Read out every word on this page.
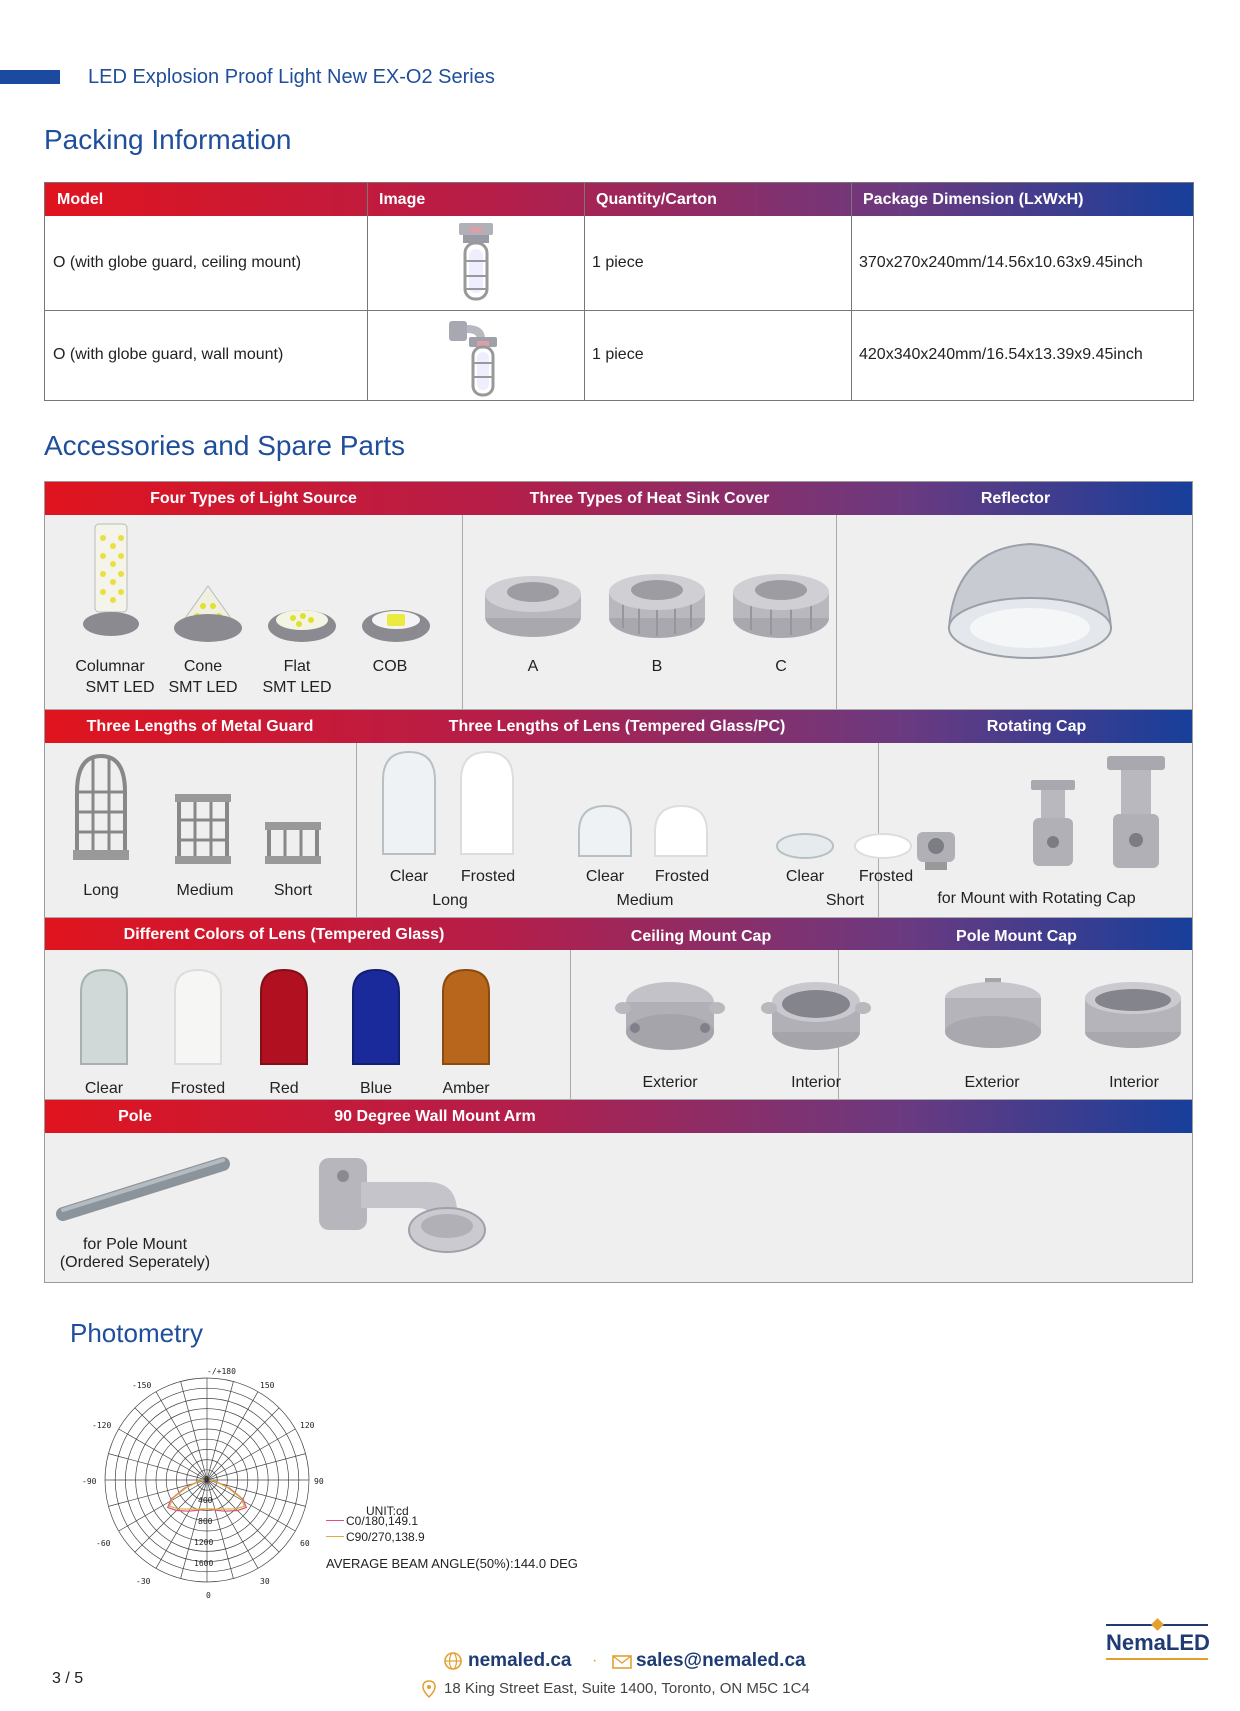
LED Explosion Proof Light New EX-O2 Series
Packing Information
Model	Image	Quantity/Carton	Package Dimension (LxWxH)
O (with globe guard, ceiling mount)	1 piece	370x270x240mm/14.56x10.63x9.45inch
O (with globe guard, wall mount)	1 piece	420x340x240mm/16.54x13.39x9.45inch
Accessories and Spare Parts
Four Types of Light Source	Three Types of Heat Sink Cover	Reflector
Columnar
SMT LED
Cone
SMT LED
Flat
SMT LED
COB	A	B	C
Three Lengths of Metal Guard	Three Lengths of Lens (Tempered Glass/PC)	Rotating Cap
Long	Medium	Short
Clear	Frosted
Long
Clear	Frosted
Medium
Clear	Frosted
Short	for Mount with Rotating Cap
Different Colors of Lens (Tempered Glass)	Ceiling Mount Cap	Pole Mount Cap
Clear	Frosted	Red	Blue	Amber	Exterior	Interior	Exterior	Interior
Pole	90 Degree Wall Mount Arm
for Pole Mount
(Ordered Seperately)
Photometry
-/+180
-150	150
-120	120
-90	90
-60	60
-30	30
0
0
400
800
1200
1600
UNIT:cd
C0/180,149.1
C90/270,138.9
AVERAGE BEAM ANGLE(50%):144.0 DEG
3 / 5
nemaled.ca · sales@nemaled.ca
18 King Street East, Suite 1400, Toronto, ON M5C 1C4
NemaLED
